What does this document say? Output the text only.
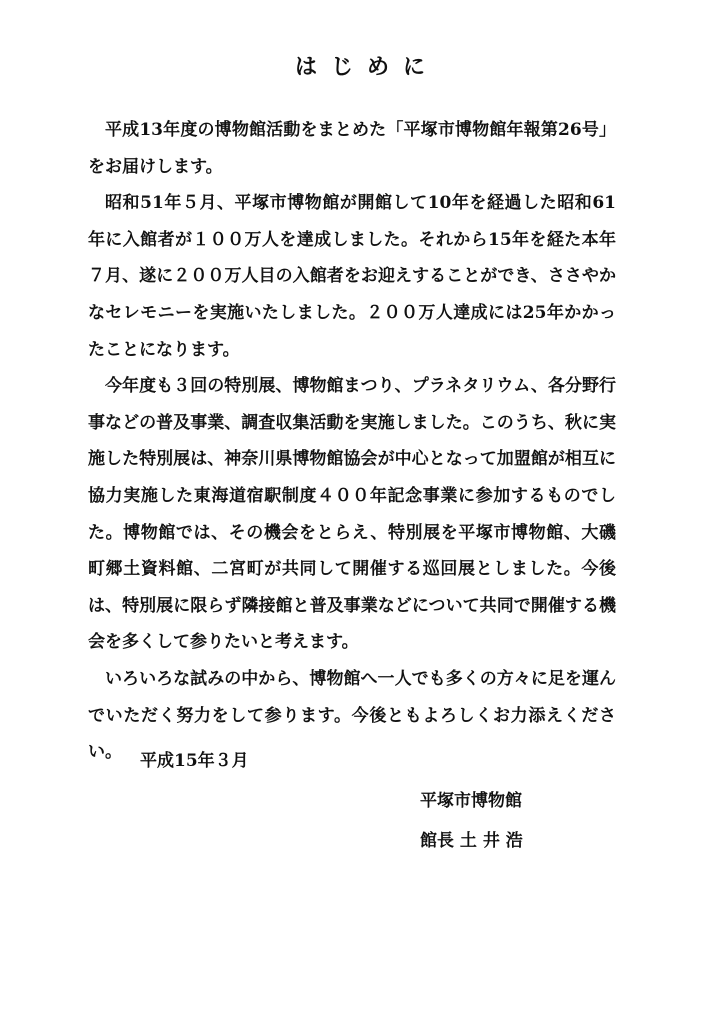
はじめに

平成13年度の博物館活動をまとめた「平塚市博物館年報第26号」をお届けします。

昭和51年５月、平塚市博物館が開館して10年を経過した昭和61年に入館者が１００万人を達成しました。それから15年を経た本年７月、遂に２００万人目の入館者をお迎えすることができ、ささやかなセレモニーを実施いたしました。２００万人達成には25年かかったことになります。

今年度も３回の特別展、博物館まつり、プラネタリウム、各分野行事などの普及事業、調査収集活動を実施しました。このうち、秋に実施した特別展は、神奈川県博物館協会が中心となって加盟館が相互に協力実施した東海道宿駅制度４００年記念事業に参加するものでした。博物館では、その機会をとらえ、特別展を平塚市博物館、大磯町郷土資料館、二宮町が共同して開催する巡回展としました。今後は、特別展に限らず隣接館と普及事業などについて共同で開催する機会を多くして参りたいと考えます。

いろいろな試みの中から、博物館へ一人でも多くの方々に足を運んでいただく努力をして参ります。今後ともよろしくお力添えください。	平成15年３月
平塚市博物館
館長 土 井 浩
